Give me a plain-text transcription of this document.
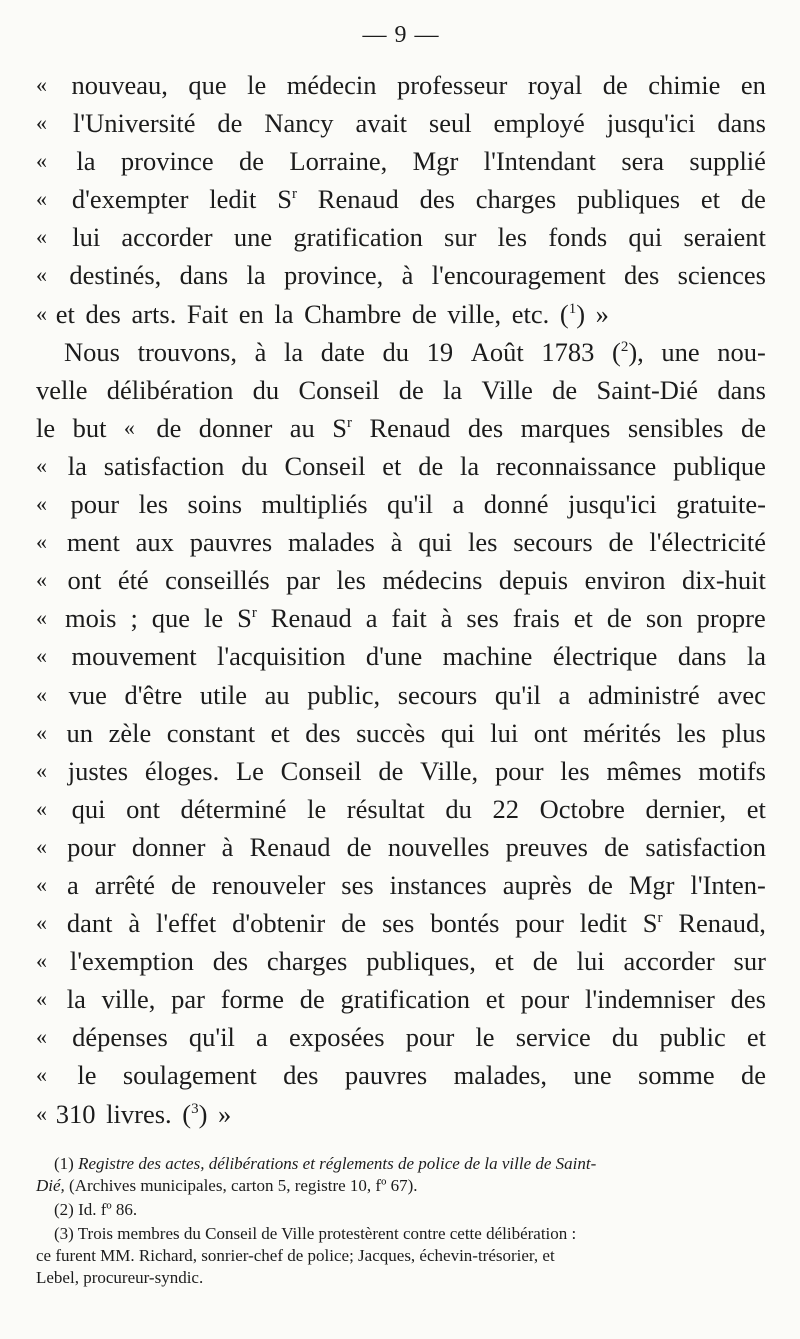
— 9 —
« nouveau, que le médecin professeur royal de chimie en
« l'Université de Nancy avait seul employé jusqu'ici dans
« la province de Lorraine, Mgr l'Intendant sera supplié
« d'exempter ledit $S^r$ Renaud des charges publiques et de
« lui accorder une gratification sur les fonds qui seraient
« destinés, dans la province, à l'encouragement des sciences
« et des arts. Fait en la Chambre de ville, etc. ($^1$) »
Nous trouvons, à la date du 19 Août 1783 ($^2$), une nou-
velle délibération du Conseil de la Ville de Saint-Dié dans
le but « de donner au $S^r$ Renaud des marques sensibles de
« la satisfaction du Conseil et de la reconnaissance publique
« pour les soins multipliés qu'il a donné jusqu'ici gratuite-
« ment aux pauvres malades à qui les secours de l'électricité
« ont été conseillés par les médecins depuis environ dix-huit
« mois ; que le $S^r$ Renaud a fait à ses frais et de son propre
« mouvement l'acquisition d'une machine électrique dans la
« vue d'être utile au public, secours qu'il a administré avec
« un zèle constant et des succès qui lui ont mérités les plus
« justes éloges. Le Conseil de Ville, pour les mêmes motifs
« qui ont déterminé le résultat du 22 Octobre dernier, et
« pour donner à Renaud de nouvelles preuves de satisfaction
« a arrêté de renouveler ses instances auprès de Mgr l'Inten-
« dant à l'effet d'obtenir de ses bontés pour ledit $S^r$ Renaud,
« l'exemption des charges publiques, et de lui accorder sur
« la ville, par forme de gratification et pour l'indemniser des
« dépenses qu'il a exposées pour le service du public et
« le soulagement des pauvres malades, une somme de
« 310 livres. ($^3$) »
(1) Registre des actes, délibérations et réglements de police de la ville de Saint-
Dié, (Archives municipales, carton 5, registre 10, fº 67).
(2) Id. fº 86.
(3) Trois membres du Conseil de Ville protestèrent contre cette délibération :
ce furent MM. Richard, sonrier-chef de police; Jacques, échevin-trésorier, et
Lebel, procureur-syndic.
